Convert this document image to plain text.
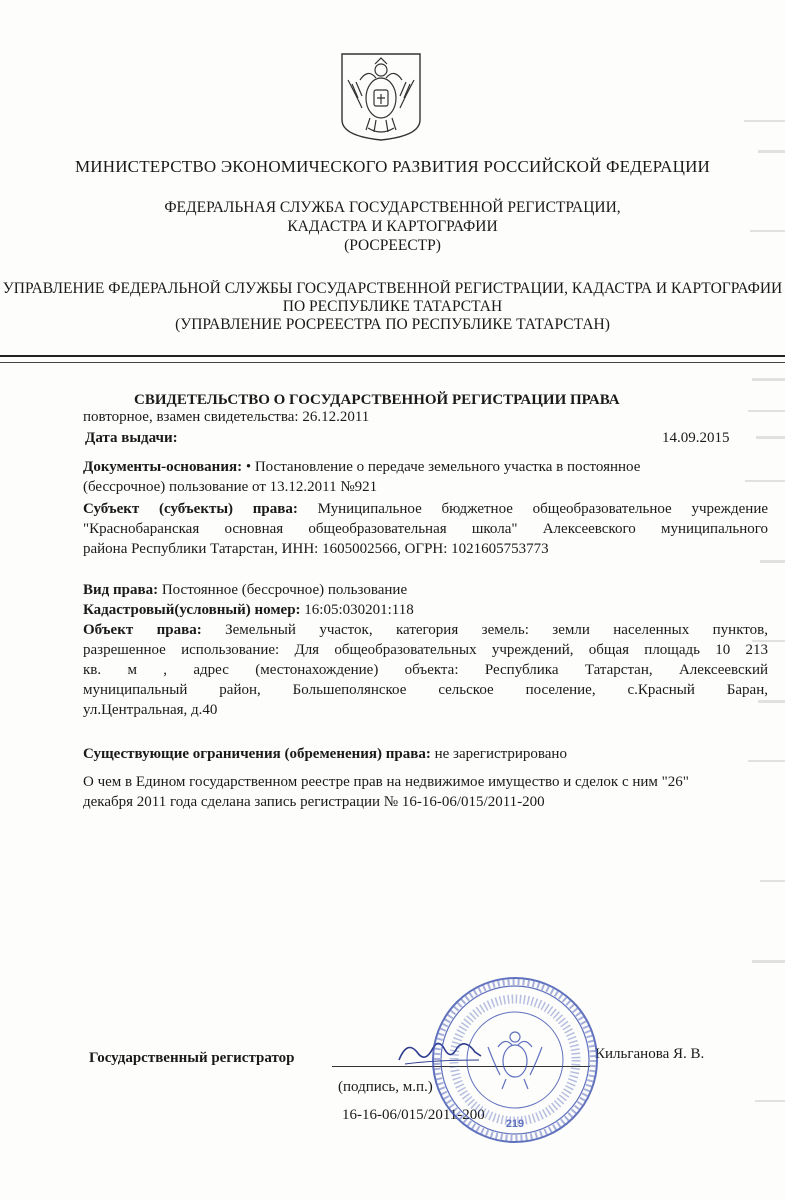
МИНИСТЕРСТВО ЭКОНОМИЧЕСКОГО РАЗВИТИЯ РОССИЙСКОЙ ФЕДЕРАЦИИ
ФЕДЕРАЛЬНАЯ СЛУЖБА ГОСУДАРСТВЕННОЙ РЕГИСТРАЦИИ,
КАДАСТРА И КАРТОГРАФИИ
(РОСРЕЕСТР)
УПРАВЛЕНИЕ ФЕДЕРАЛЬНОЙ СЛУЖБЫ ГОСУДАРСТВЕННОЙ РЕГИСТРАЦИИ, КАДАСТРА И КАРТОГРАФИИ
ПО РЕСПУБЛИКЕ ТАТАРСТАН
(УПРАВЛЕНИЕ РОСРЕЕСТРА ПО РЕСПУБЛИКЕ ТАТАРСТАН)
СВИДЕТЕЛЬСТВО О ГОСУДАРСТВЕННОЙ РЕГИСТРАЦИИ ПРАВА
повторное, взамен свидетельства: 26.12.2011
Дата выдачи:	14.09.2015
Документы-основания: • Постановление о передаче земельного участка в постоянное
(бессрочное) пользование от 13.12.2011 №921
Субъект (субъекты) права: Муниципальное бюджетное общеобразовательное учреждение
"Краснобаранская основная общеобразовательная школа" Алексеевского муниципального
района Республики Татарстан, ИНН: 1605002566, ОГРН: 1021605753773
Вид права: Постоянное (бессрочное) пользование
Кадастровый(условный) номер: 16:05:030201:118
Объект права: Земельный участок, категория земель: земли населенных пунктов,
разрешенное использование: Для общеобразовательных учреждений, общая площадь 10 213
кв. м , адрес (местонахождение) объекта: Республика Татарстан, Алексеевский
муниципальный район, Большеполянское сельское поселение, с.Красный Баран,
ул.Центральная, д.40
Существующие ограничения (обременения) права: не зарегистрировано
О чем в Едином государственном реестре прав на недвижимое имущество и сделок с ним "26"
декабря 2011 года сделана запись регистрации № 16-16-06/015/2011-200
Государственный регистратор	Кильганова Я. В.
(подпись, м.п.)
16-16-06/015/2011-200
219
